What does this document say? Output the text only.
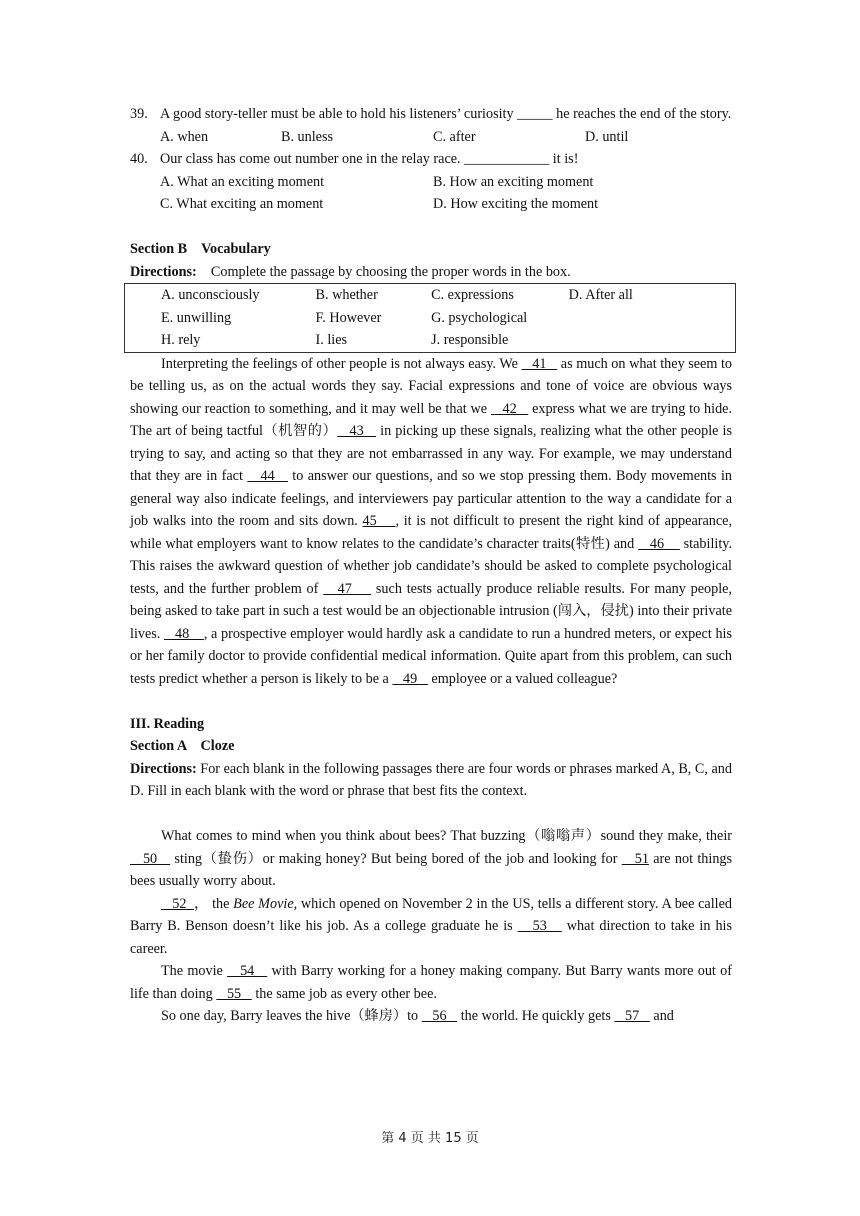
39. A good story-teller must be able to hold his listeners’ curiosity _____ he reaches the end of the story.
A. when	B. unless	C. after	D. until
40. Our class has come out number one in the relay race. ____________ it is!
A. What an exciting moment	B. How an exciting moment
C. What exciting an moment	D. How exciting the moment

Section B    Vocabulary

Directions: Complete the passage by choosing the proper words in the box.

A. unconsciously	B. whether	C. expressions	D. After all
E. unwilling	F. However	G. psychological
H. rely	I. lies	J. responsible

Interpreting the feelings of other people is not always easy. We    41    as much on what they seem to be telling us, as on the actual words they say. Facial expressions and tone of voice are obvious ways showing our reaction to something, and it may well be that we    42    express what we are trying to hide. The art of being tactful（机智的）   43    in picking up these signals, realizing what the other people is trying to say, and acting so that they are not embarrassed in any way. For example, we may understand that they are in fact    44    to answer our questions, and so we stop pressing them. Body movements in general way also indicate feelings, and interviewers pay particular attention to the way a candidate for a job walks into the room and sits down. 45    , it is not difficult to present the right kind of appearance, while what employers want to know relates to the candidate’s character traits(特性) and    46     stability. This raises the awkward question of whether job candidate’s should be asked to complete psychological tests, and the further problem of    47     such tests actually produce reliable results. For many people, being asked to take part in such a test would be an objectionable intrusion (闯入，侵扰) into their private lives.    48    , a prospective employer would hardly ask a candidate to run a hundred meters, or expect his or her family doctor to provide confidential medical information. Quite apart from this problem, can such tests predict whether a person is likely to be a    49    employee or a valued colleague?

III. Reading

Section A    Cloze

Directions: For each blank in the following passages there are four words or phrases marked A, B, C, and D. Fill in each blank with the word or phrase that best fits the context.

What comes to mind when you think about bees? That buzzing（嗡嗡声）sound they make, their    50    sting（蛰伤）or making honey? But being bored of the job and looking for    51 are not things bees usually worry about.

52  ， the Bee Movie, which opened on November 2 in the US, tells a different story. A bee called Barry B. Benson doesn’t like his job. As a college graduate he is    53    what direction to take in his career.

The movie    54    with Barry working for a honey making company. But Barry wants more out of life than doing    55    the same job as every other bee.

So one day, Barry leaves the hive（蜂房）to    56    the world. He quickly gets    57    and

第 4 页 共 15 页
